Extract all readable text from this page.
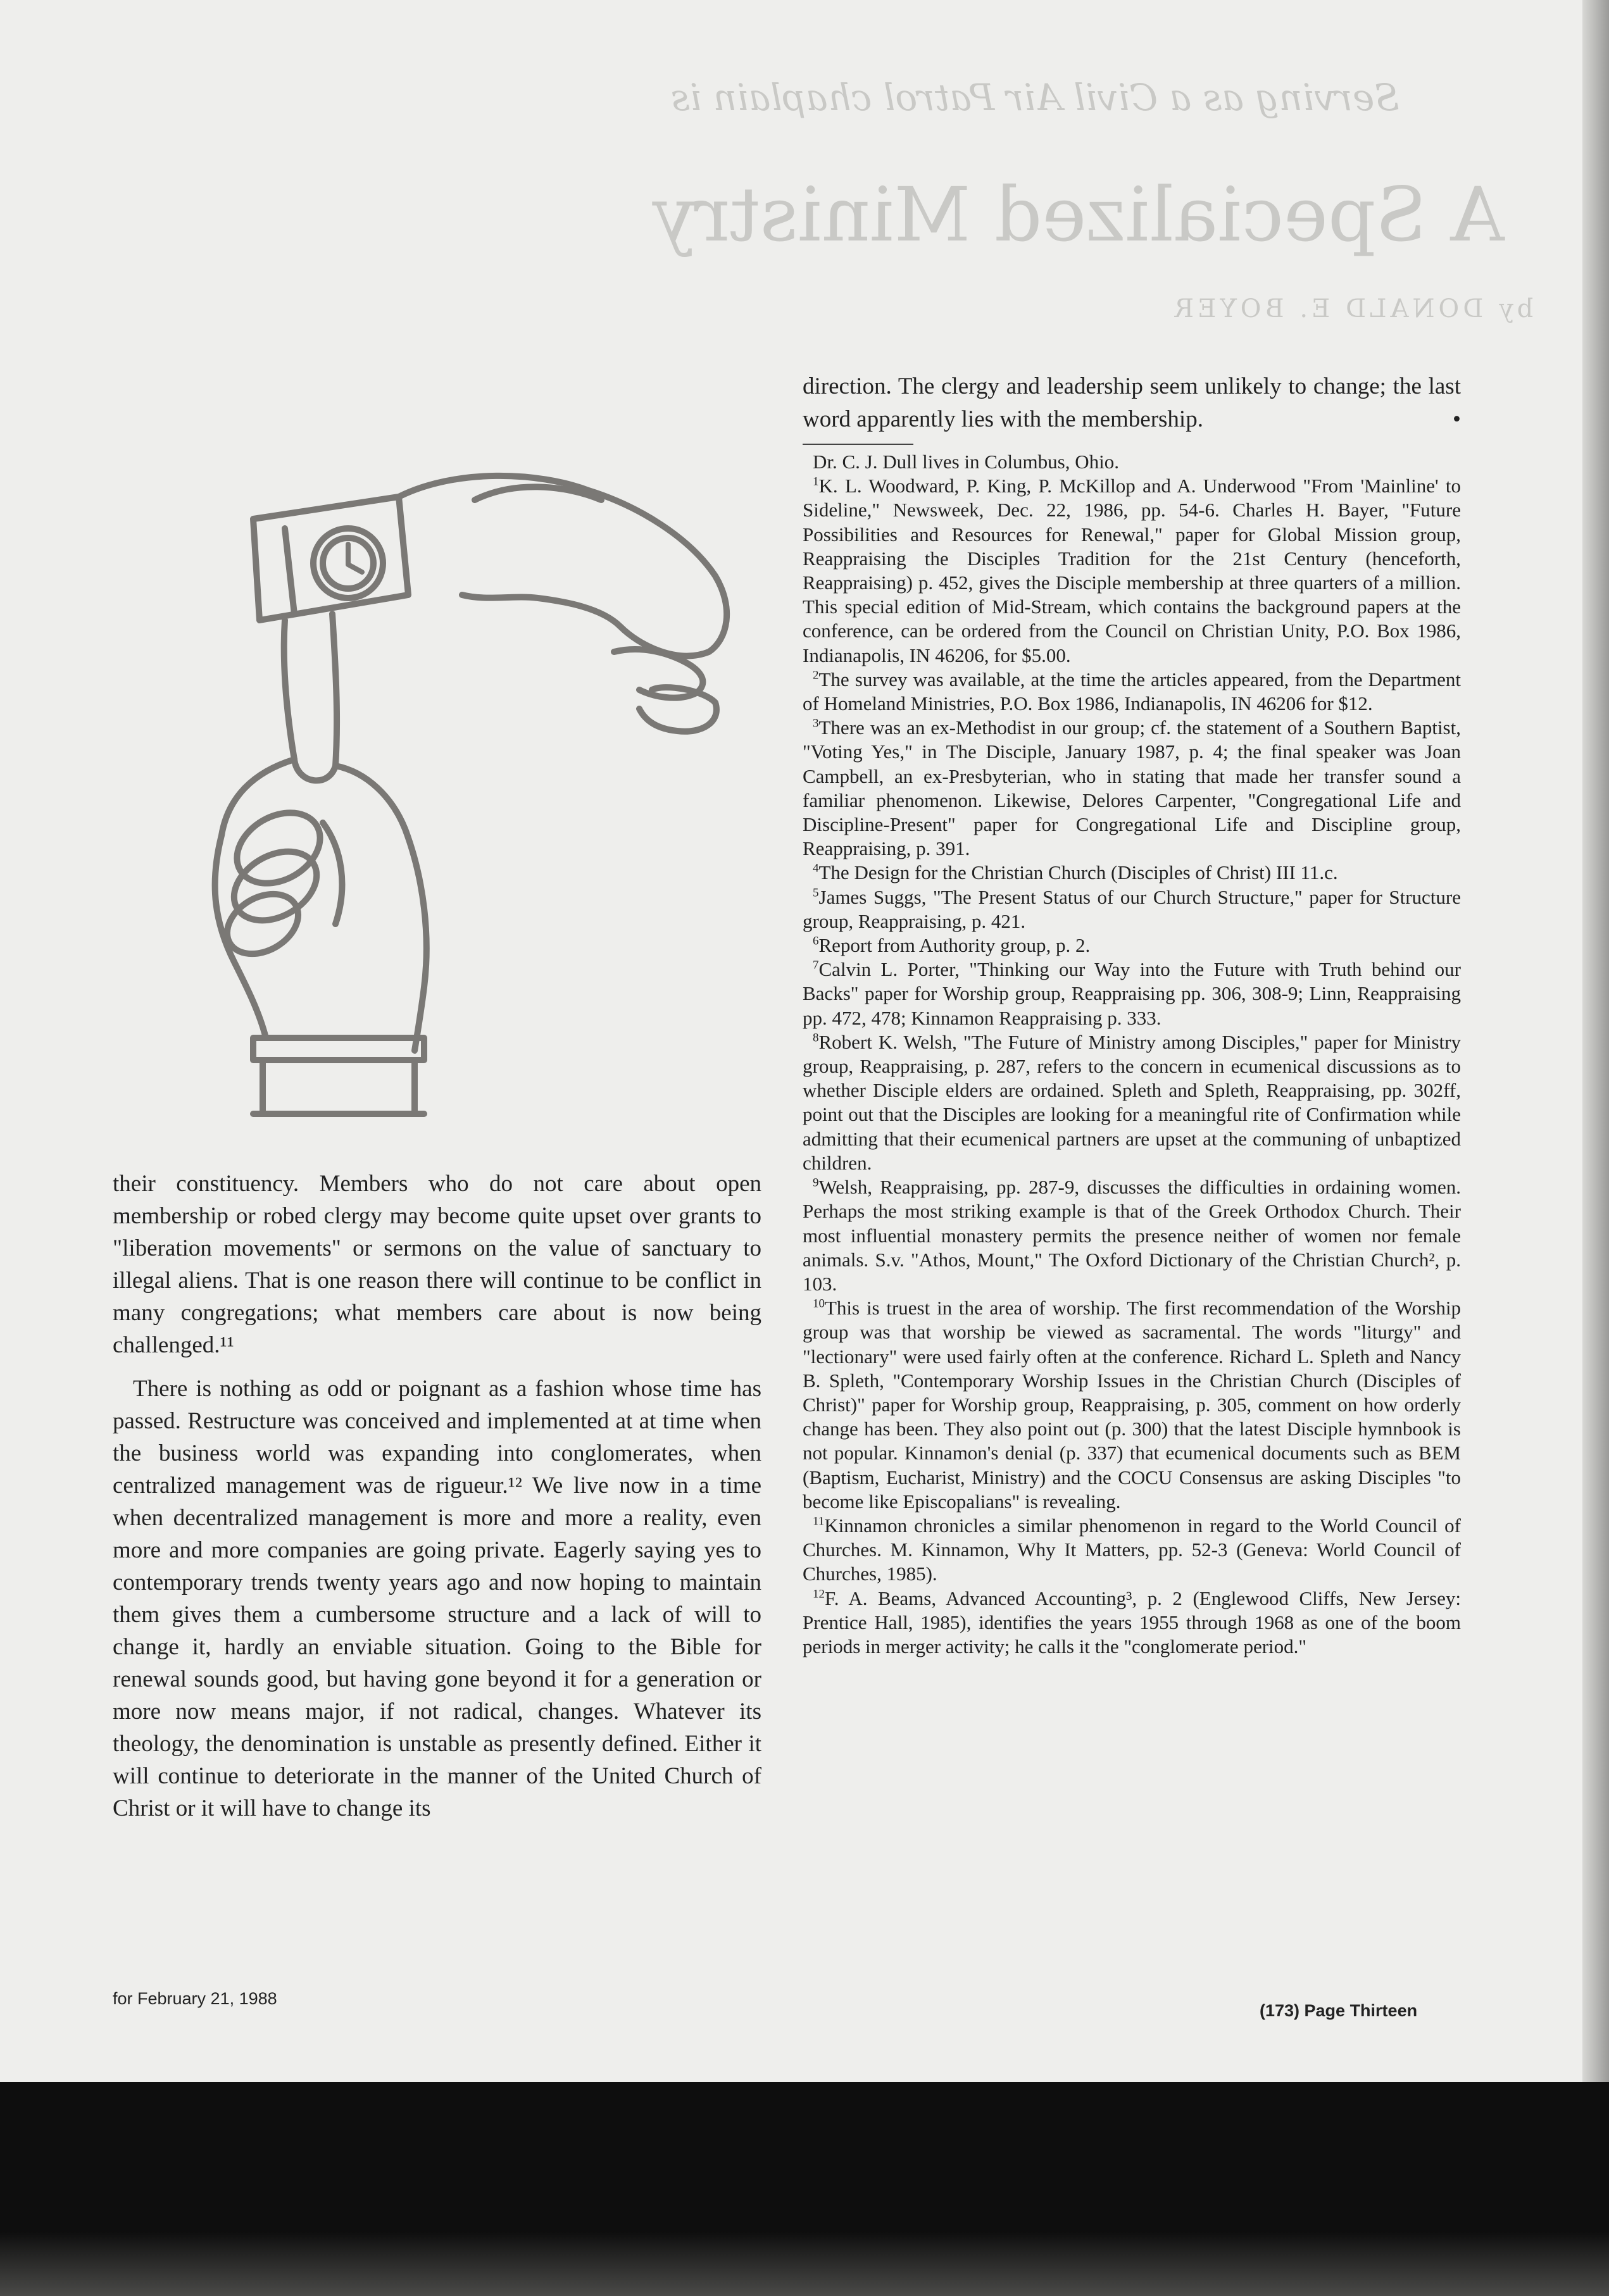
Serving as a Civil Air Patrol chaplain is
A Specialized Ministry
by DONALD E. BOYER

direction. The clergy and leadership seem unlikely to change; the last word apparently lies with the membership.	•

Dr. C. J. Dull lives in Columbus, Ohio.

$^1$K. L. Woodward, P. King, P. McKillop and A. Underwood "From 'Mainline' to Sideline," Newsweek, Dec. 22, 1986, pp. 54-6. Charles H. Bayer, "Future Possibilities and Resources for Renewal," paper for Global Mission group, Reappraising the Disciples Tradition for the 21st Century (henceforth, Reappraising) p. 452, gives the Disciple membership at three quarters of a million. This special edition of Mid-Stream, which contains the background papers at the conference, can be ordered from the Council on Christian Unity, P.O. Box 1986, Indianapolis, IN 46206, for $5.00.

$^2$The survey was available, at the time the articles appeared, from the Department of Homeland Ministries, P.O. Box 1986, Indianapolis, IN 46206 for $12.

$^3$There was an ex-Methodist in our group; cf. the statement of a Southern Baptist, "Voting Yes," in The Disciple, January 1987, p. 4; the final speaker was Joan Campbell, an ex-Presbyterian, who in stating that made her transfer sound a familiar phenomenon. Likewise, Delores Carpenter, "Congregational Life and Discipline-Present" paper for Congregational Life and Discipline group, Reappraising, p. 391.

$^4$The Design for the Christian Church (Disciples of Christ) III 11.c.

$^5$James Suggs, "The Present Status of our Church Structure," paper for Structure group, Reappraising, p. 421.

$^6$Report from Authority group, p. 2.

$^7$Calvin L. Porter, "Thinking our Way into the Future with Truth behind our Backs" paper for Worship group, Reappraising pp. 306, 308-9; Linn, Reappraising pp. 472, 478; Kinnamon Reappraising p. 333.

$^8$Robert K. Welsh, "The Future of Ministry among Disciples," paper for Ministry group, Reappraising, p. 287, refers to the concern in ecumenical discussions as to whether Disciple elders are ordained. Spleth and Spleth, Reappraising, pp. 302ff, point out that the Disciples are looking for a meaningful rite of Confirmation while admitting that their ecumenical partners are upset at the communing of unbaptized children.

$^9$Welsh, Reappraising, pp. 287-9, discusses the difficulties in ordaining women. Perhaps the most striking example is that of the Greek Orthodox Church. Their most influential monastery permits the presence neither of women nor female animals. S.v. "Athos, Mount," The Oxford Dictionary of the Christian Church², p. 103.

$^{10}$This is truest in the area of worship. The first recommendation of the Worship group was that worship be viewed as sacramental. The words "liturgy" and "lectionary" were used fairly often at the conference. Richard L. Spleth and Nancy B. Spleth, "Contemporary Worship Issues in the Christian Church (Disciples of Christ)" paper for Worship group, Reappraising, p. 305, comment on how orderly change has been. They also point out (p. 300) that the latest Disciple hymnbook is not popular. Kinnamon's denial (p. 337) that ecumenical documents such as BEM (Baptism, Eucharist, Ministry) and the COCU Consensus are asking Disciples "to become like Episcopalians" is revealing.

$^{11}$Kinnamon chronicles a similar phenomenon in regard to the World Council of Churches. M. Kinnamon, Why It Matters, pp. 52-3 (Geneva: World Council of Churches, 1985).

$^{12}$F. A. Beams, Advanced Accounting³, p. 2 (Englewood Cliffs, New Jersey: Prentice Hall, 1985), identifies the years 1955 through 1968 as one of the boom periods in merger activity; he calls it the "conglomerate period."

their constituency. Members who do not care about open membership or robed clergy may become quite upset over grants to "liberation movements" or sermons on the value of sanctuary to illegal aliens. That is one reason there will continue to be conflict in many congregations; what members care about is now being challenged.¹¹

There is nothing as odd or poignant as a fashion whose time has passed. Restructure was conceived and implemented at at time when the business world was expanding into conglomerates, when centralized management was de rigueur.¹² We live now in a time when decentralized management is more and more a reality, even more and more companies are going private. Eagerly saying yes to contemporary trends twenty years ago and now hoping to maintain them gives them a cumbersome structure and a lack of will to change it, hardly an enviable situation. Going to the Bible for renewal sounds good, but having gone beyond it for a generation or more now means major, if not radical, changes. Whatever its theology, the denomination is unstable as presently defined. Either it will continue to deteriorate in the manner of the United Church of Christ or it will have to change its

for February 21, 1988
(173) Page Thirteen
